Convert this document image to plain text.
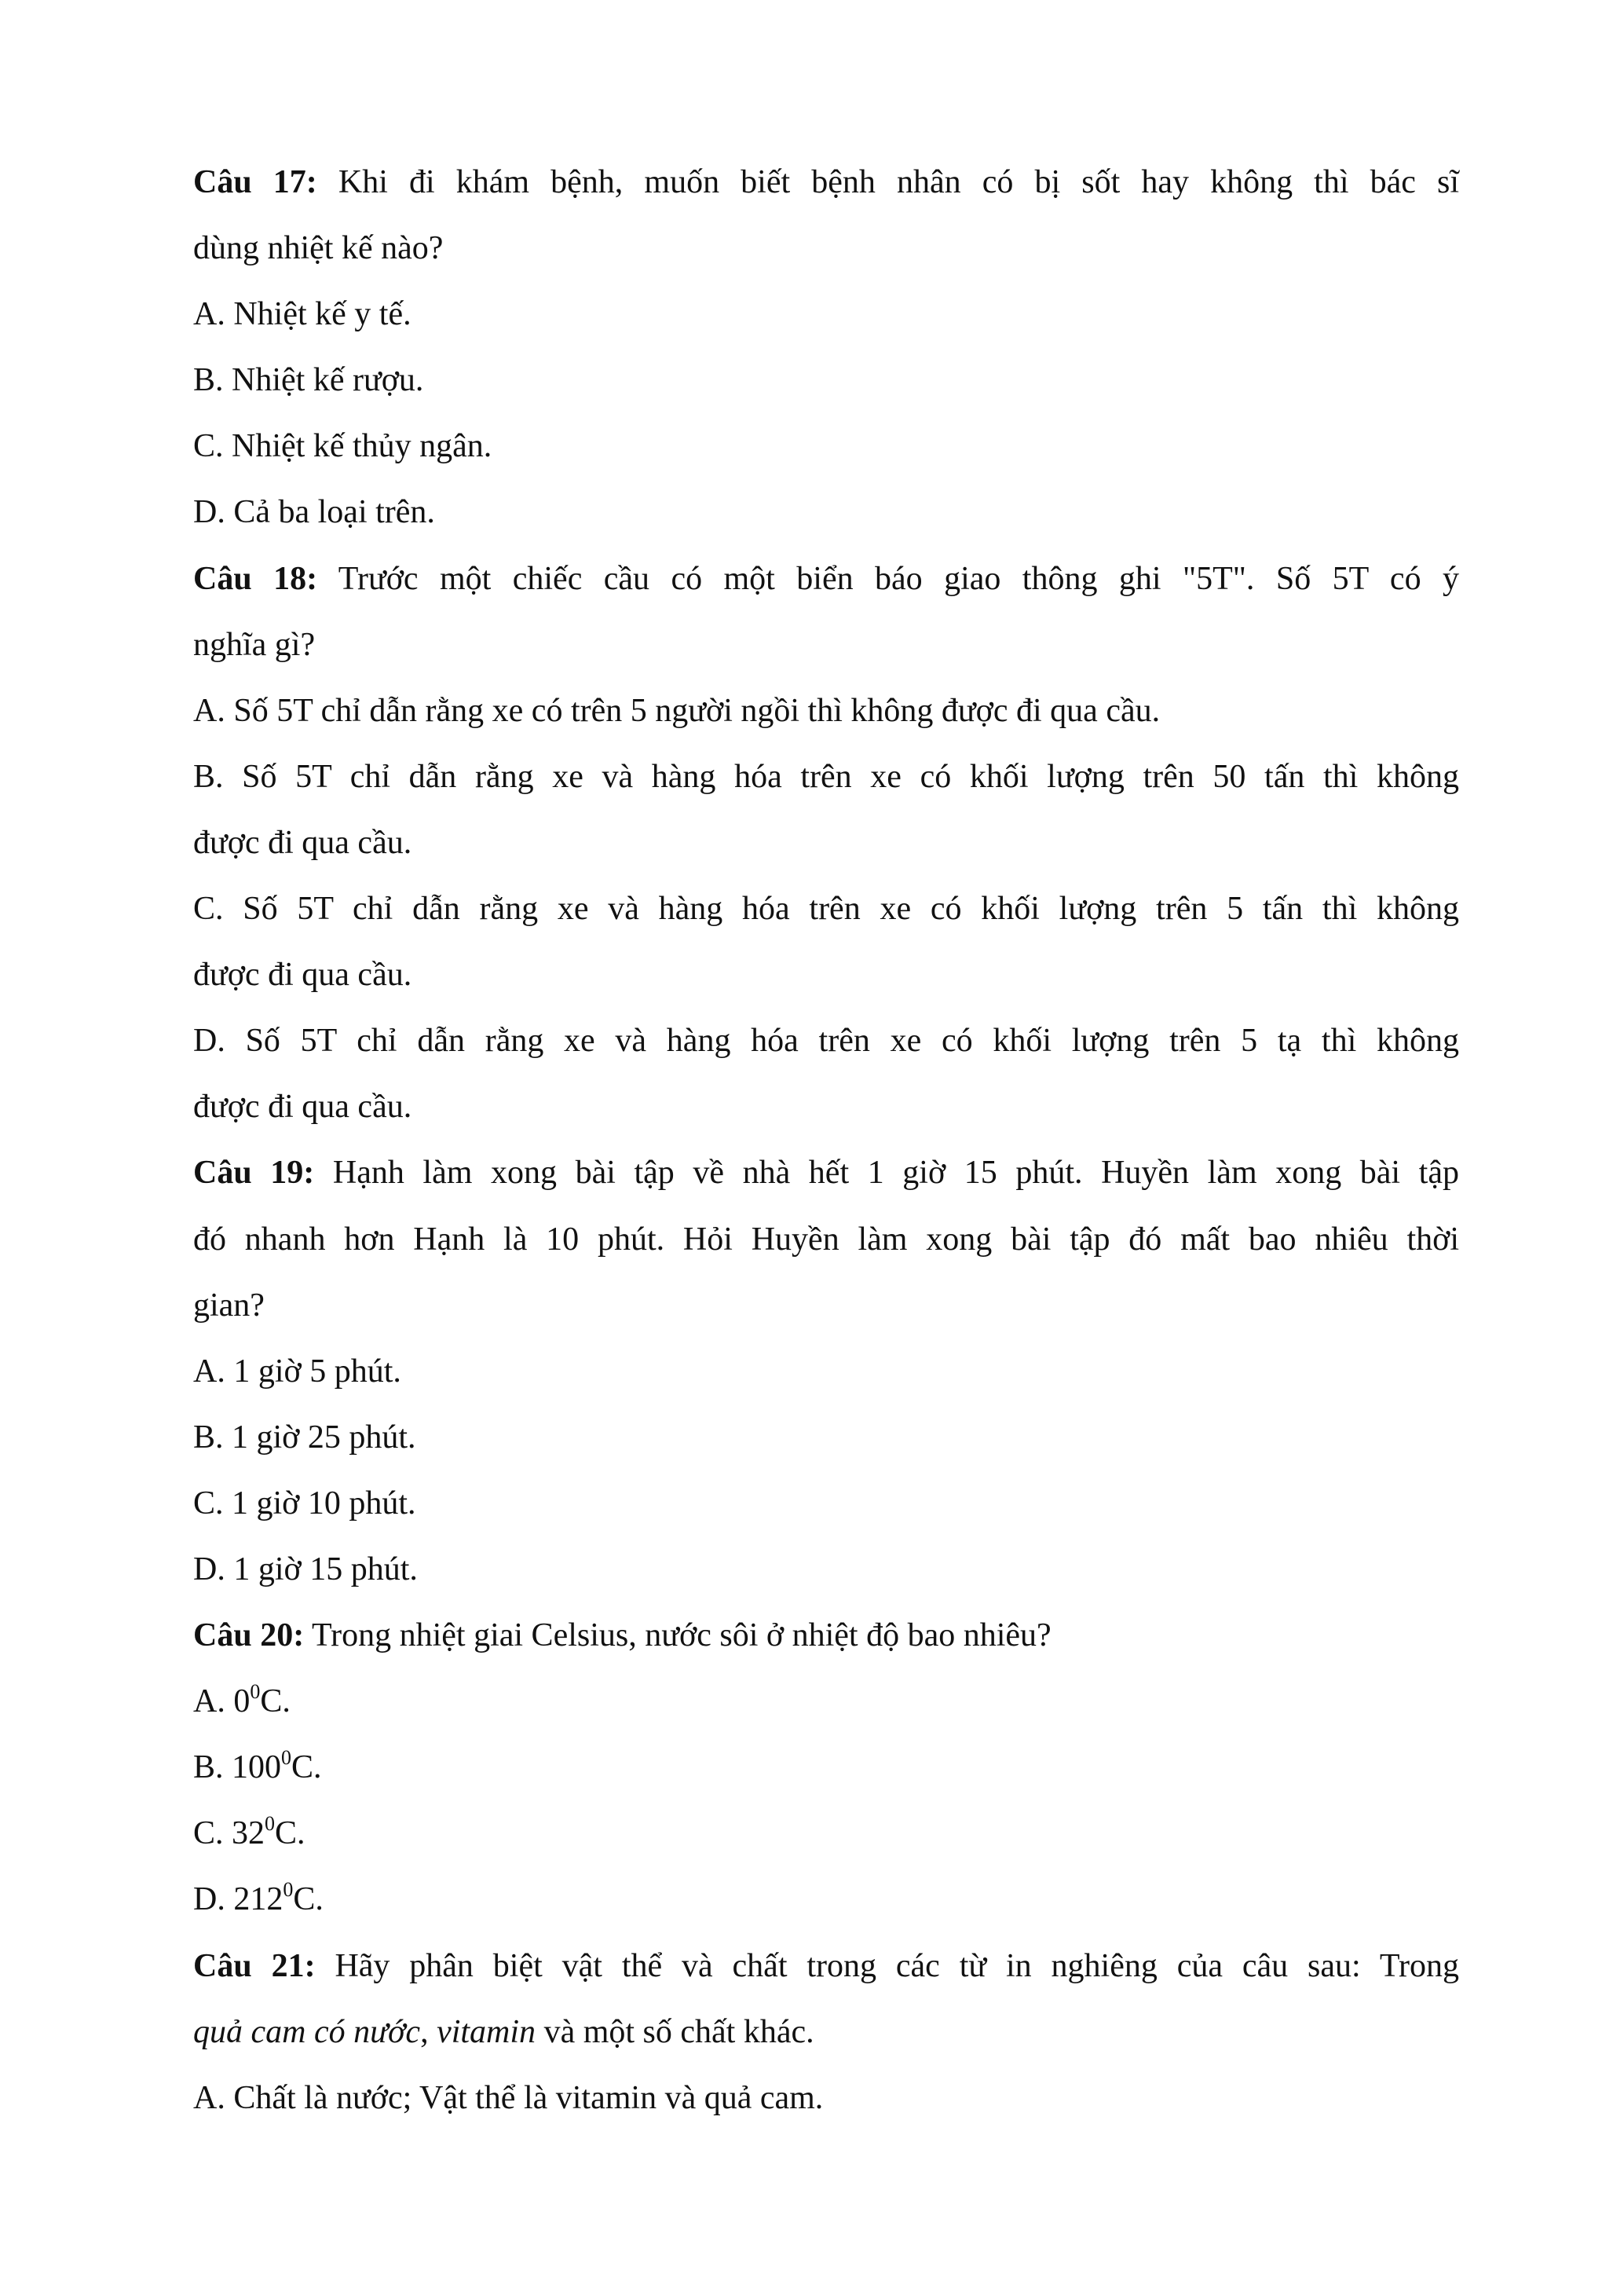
Câu 17: Khi đi khám bệnh, muốn biết bệnh nhân có bị sốt hay không thì bác sĩ
dùng nhiệt kế nào?
A. Nhiệt kế y tế.
B. Nhiệt kế rượu.
C. Nhiệt kế thủy ngân.
D. Cả ba loại trên.
Câu 18: Trước một chiếc cầu có một biển báo giao thông ghi "5T". Số 5T có ý
nghĩa gì?
A. Số 5T chỉ dẫn rằng xe có trên 5 người ngồi thì không được đi qua cầu.
B. Số 5T chỉ dẫn rằng xe và hàng hóa trên xe có khối lượng trên 50 tấn thì không
được đi qua cầu.
C. Số 5T chỉ dẫn rằng xe và hàng hóa trên xe có khối lượng trên 5 tấn thì không
được đi qua cầu.
D. Số 5T chỉ dẫn rằng xe và hàng hóa trên xe có khối lượng trên 5 tạ thì không
được đi qua cầu.
Câu 19: Hạnh làm xong bài tập về nhà hết 1 giờ 15 phút. Huyền làm xong bài tập
đó nhanh hơn Hạnh là 10 phút. Hỏi Huyền làm xong bài tập đó mất bao nhiêu thời
gian?
A. 1 giờ 5 phút.
B. 1 giờ 25 phút.
C. 1 giờ 10 phút.
D. 1 giờ 15 phút.
Câu 20: Trong nhiệt giai Celsius, nước sôi ở nhiệt độ bao nhiêu?
A. $0^0C$.
B. $100^0C$.
C. $32^0C$.
D. $212^0C$.
Câu 21: Hãy phân biệt vật thể và chất trong các từ in nghiêng của câu sau: Trong
quả cam có nước, vitamin và một số chất khác.
A. Chất là nước; Vật thể là vitamin và quả cam.
